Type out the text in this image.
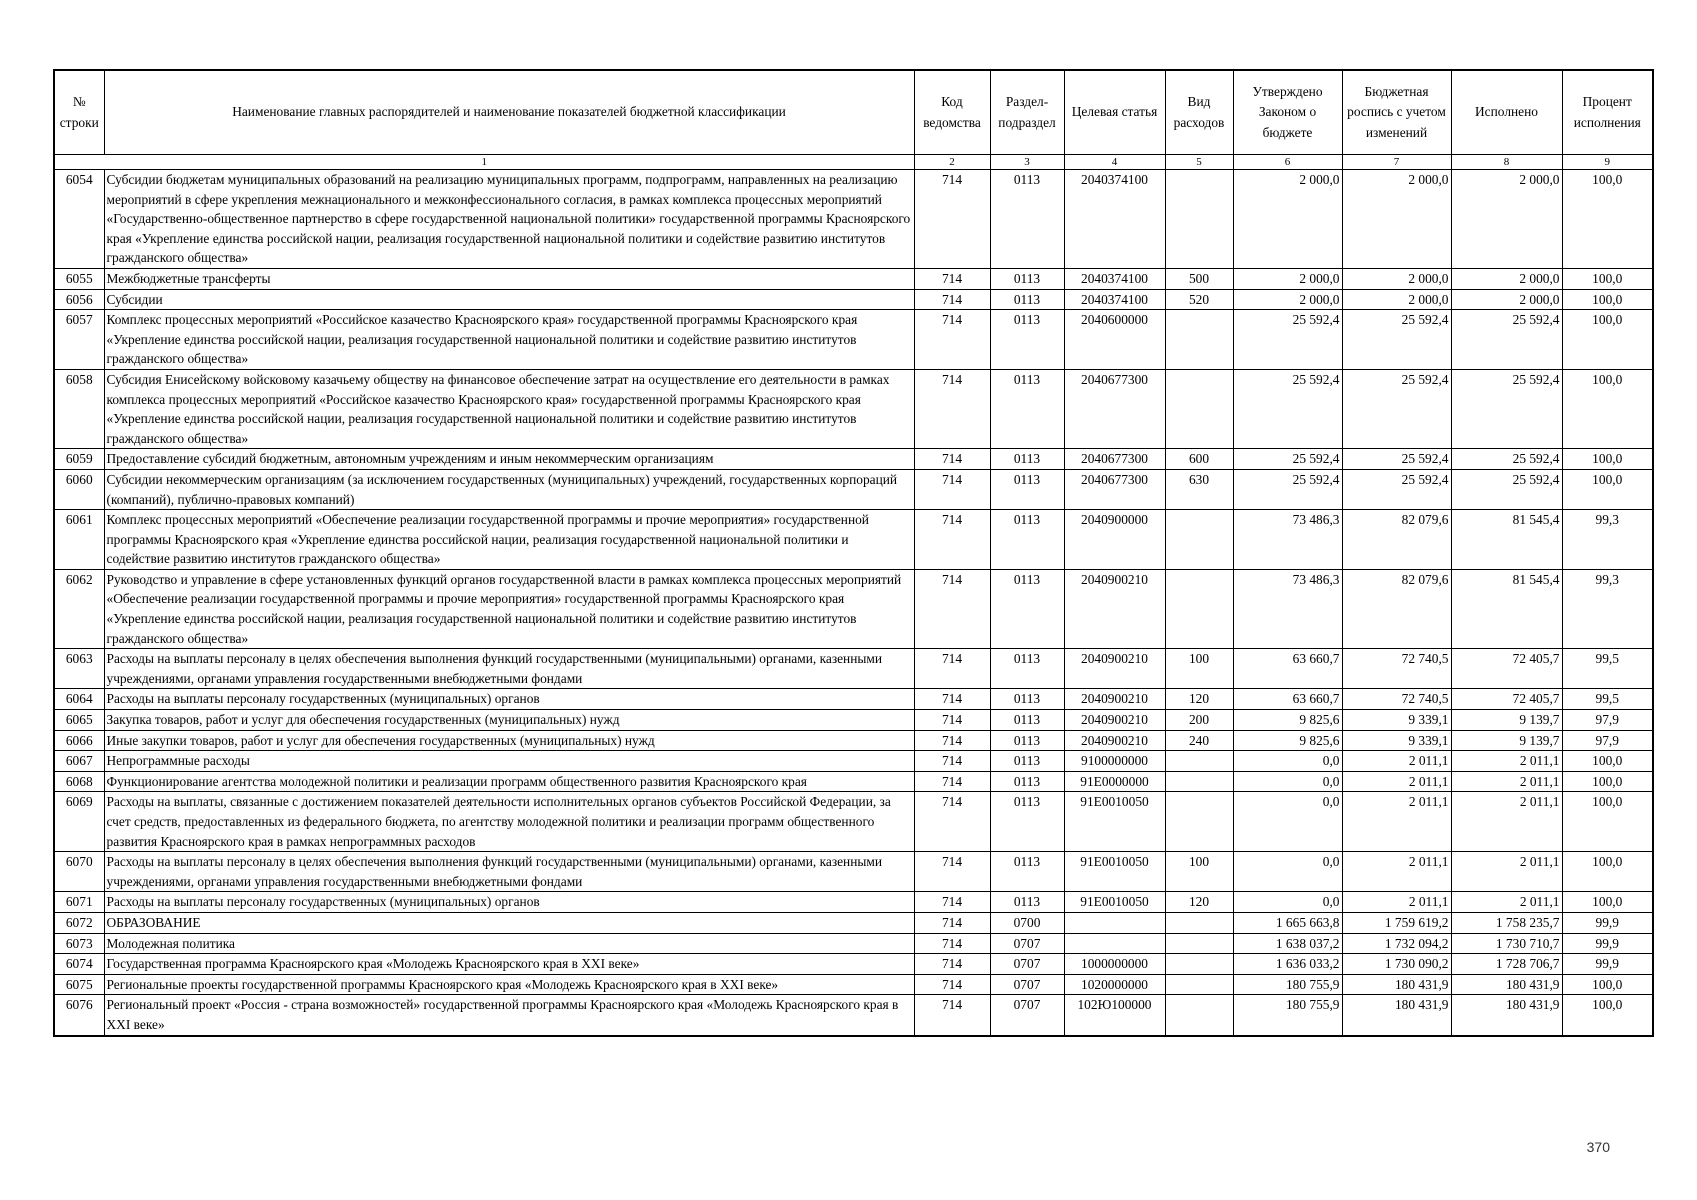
№ строки	Наименование главных распорядителей и наименование показателей бюджетной классификации	Код ведомства	Раздел- подраздел	Целевая статья	Вид расходов	Утверждено Законом о бюджете	Бюджетная роспись с учетом изменений	Исполнено	Процент исполнения
1		2	3	4	5	6	7	8	9
6054	Субсидии бюджетам муниципальных образований на реализацию муниципальных программ, подпрограмм, направленных на реализацию мероприятий в сфере укрепления межнационального и межконфессионального согласия, в рамках комплекса процессных мероприятий «Государственно-общественное партнерство в сфере государственной национальной политики» государственной программы Красноярского края «Укрепление единства российской нации, реализация государственной национальной политики и содействие развитию институтов гражданского общества»	714	0113	2040374100		2 000,0	2 000,0	2 000,0	100,0
6055	Межбюджетные трансферты	714	0113	2040374100	500	2 000,0	2 000,0	2 000,0	100,0
6056	Субсидии	714	0113	2040374100	520	2 000,0	2 000,0	2 000,0	100,0
6057	Комплекс процессных мероприятий «Российское казачество Красноярского края» государственной программы Красноярского края «Укрепление единства российской нации, реализация государственной национальной политики и содействие развитию институтов гражданского общества»	714	0113	2040600000		25 592,4	25 592,4	25 592,4	100,0
6058	Субсидия Енисейскому войсковому казачьему обществу на финансовое обеспечение затрат на осуществление его деятельности в рамках комплекса процессных мероприятий «Российское казачество Красноярского края» государственной программы Красноярского края «Укрепление единства российской нации, реализация государственной национальной политики и содействие развитию институтов гражданского общества»	714	0113	2040677300		25 592,4	25 592,4	25 592,4	100,0
6059	Предоставление субсидий бюджетным, автономным учреждениям и иным некоммерческим организациям	714	0113	2040677300	600	25 592,4	25 592,4	25 592,4	100,0
6060	Субсидии некоммерческим организациям (за исключением государственных (муниципальных) учреждений, государственных корпораций (компаний), публично-правовых компаний)	714	0113	2040677300	630	25 592,4	25 592,4	25 592,4	100,0
6061	Комплекс процессных мероприятий «Обеспечение реализации государственной программы и прочие мероприятия» государственной программы Красноярского края «Укрепление единства российской нации, реализация государственной национальной политики и содействие развитию институтов гражданского общества»	714	0113	2040900000		73 486,3	82 079,6	81 545,4	99,3
6062	Руководство и управление в сфере установленных функций органов государственной власти в рамках комплекса процессных мероприятий «Обеспечение реализации государственной программы и прочие мероприятия» государственной программы Красноярского края «Укрепление единства российской нации, реализация государственной национальной политики и содействие развитию институтов гражданского общества»	714	0113	2040900210		73 486,3	82 079,6	81 545,4	99,3
6063	Расходы на выплаты персоналу в целях обеспечения выполнения функций государственными (муниципальными) органами, казенными учреждениями, органами управления государственными внебюджетными фондами	714	0113	2040900210	100	63 660,7	72 740,5	72 405,7	99,5
6064	Расходы на выплаты персоналу государственных (муниципальных) органов	714	0113	2040900210	120	63 660,7	72 740,5	72 405,7	99,5
6065	Закупка товаров, работ и услуг для обеспечения государственных (муниципальных) нужд	714	0113	2040900210	200	9 825,6	9 339,1	9 139,7	97,9
6066	Иные закупки товаров, работ и услуг для обеспечения государственных (муниципальных) нужд	714	0113	2040900210	240	9 825,6	9 339,1	9 139,7	97,9
6067	Непрограммные расходы	714	0113	9100000000		0,0	2 011,1	2 011,1	100,0
6068	Функционирование агентства молодежной политики и реализации программ общественного развития Красноярского края	714	0113	91Е0000000		0,0	2 011,1	2 011,1	100,0
6069	Расходы на выплаты, связанные с достижением показателей деятельности исполнительных органов субъектов Российской Федерации, за счет средств, предоставленных из федерального бюджета, по агентству молодежной политики и реализации программ общественного развития Красноярского края в рамках непрограммных расходов	714	0113	91Е0010050		0,0	2 011,1	2 011,1	100,0
6070	Расходы на выплаты персоналу в целях обеспечения выполнения функций государственными (муниципальными) органами, казенными учреждениями, органами управления государственными внебюджетными фондами	714	0113	91Е0010050	100	0,0	2 011,1	2 011,1	100,0
6071	Расходы на выплаты персоналу государственных (муниципальных) органов	714	0113	91Е0010050	120	0,0	2 011,1	2 011,1	100,0
6072	ОБРАЗОВАНИЕ	714	0700			1 665 663,8	1 759 619,2	1 758 235,7	99,9
6073	Молодежная политика	714	0707			1 638 037,2	1 732 094,2	1 730 710,7	99,9
6074	Государственная программа Красноярского края «Молодежь Красноярского края в XXI веке»	714	0707	1000000000		1 636 033,2	1 730 090,2	1 728 706,7	99,9
6075	Региональные проекты государственной программы Красноярского края «Молодежь Красноярского края в XXI веке»	714	0707	1020000000		180 755,9	180 431,9	180 431,9	100,0
6076	Региональный проект «Россия - страна возможностей» государственной программы Красноярского края «Молодежь Красноярского края в XXI веке»	714	0707	102Ю100000		180 755,9	180 431,9	180 431,9	100,0
370
